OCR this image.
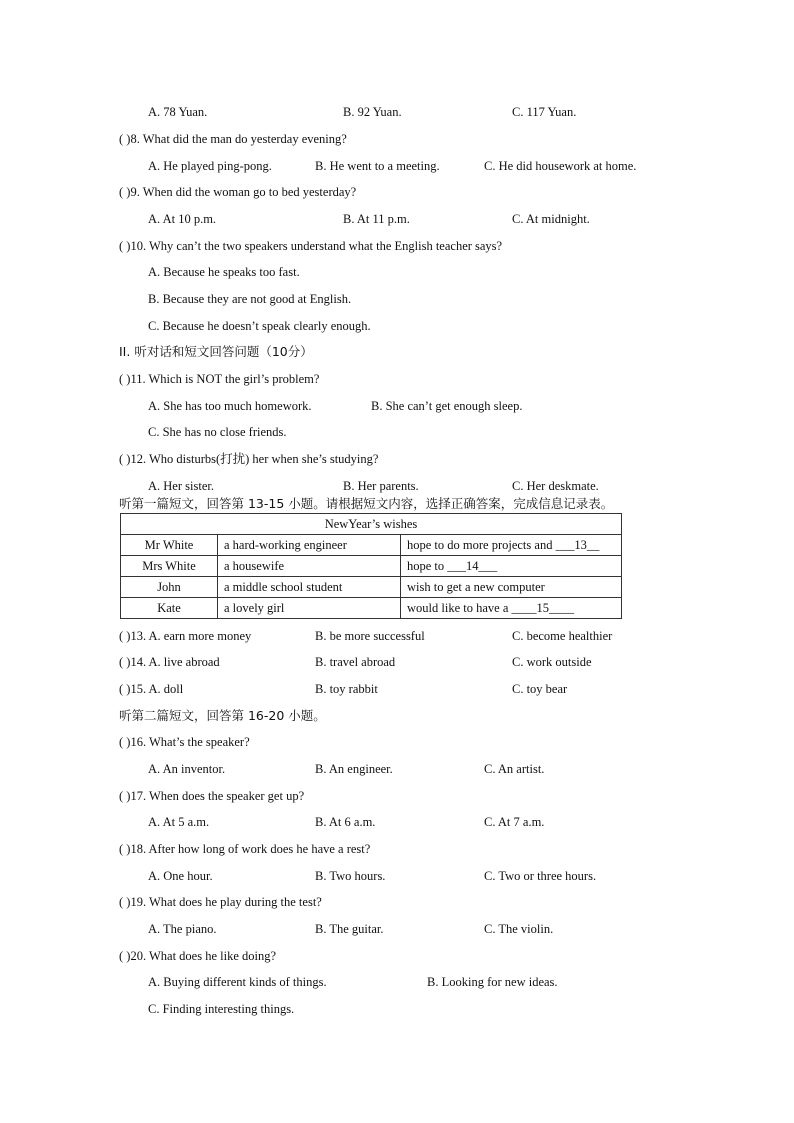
A. 78 Yuan.	B. 92 Yuan.	C. 117 Yuan.
( )8. What did the man do yesterday evening?
A. He played ping-pong.	B. He went to a meeting.	C. He did housework at home.
( )9. When did the woman go to bed yesterday?
A. At 10 p.m.	B. At 11 p.m.	C. At midnight.
( )10. Why can’t the two speakers understand what the English teacher says?
A. Because he speaks too fast.
B. Because they are not good at English.
C. Because he doesn’t speak clearly enough.
II. 听对话和短文回答问题（10分）
( )11. Which is NOT the girl’s problem?
A. She has too much homework.	B. She can’t get enough sleep.
C. She has no close friends.
( )12. Who disturbs(打扰) her when she’s studying?
A. Her sister.	B. Her parents.	C. Her deskmate.
听第一篇短文，回答第 13-15 小题。请根据短文内容，选择正确答案，完成信息记录表。
NewYear’s wishes		
Mr White	a hard-working engineer	hope to do more projects and ___13__
Mrs White	a housewife	hope to ___14___
John	a middle school student	wish to get a new computer
Kate	a lovely girl	would like to have a ____15____
( )13. A. earn more money	B. be more successful	C. become healthier
( )14. A. live abroad	B. travel abroad	C. work outside
( )15. A. doll	B. toy rabbit	C. toy bear
听第二篇短文，回答第 16-20 小题。
( )16. What’s the speaker?
A. An inventor.	B. An engineer.	C. An artist.
( )17. When does the speaker get up?
A. At 5 a.m.	B. At 6 a.m.	C. At 7 a.m.
( )18. After how long of work does he have a rest?
A. One hour.	B. Two hours.	C. Two or three hours.
( )19. What does he play during the test?
A. The piano.	B. The guitar.	C. The violin.
( )20. What does he like doing?
A. Buying different kinds of things.	B. Looking for new ideas.
C. Finding interesting things.
